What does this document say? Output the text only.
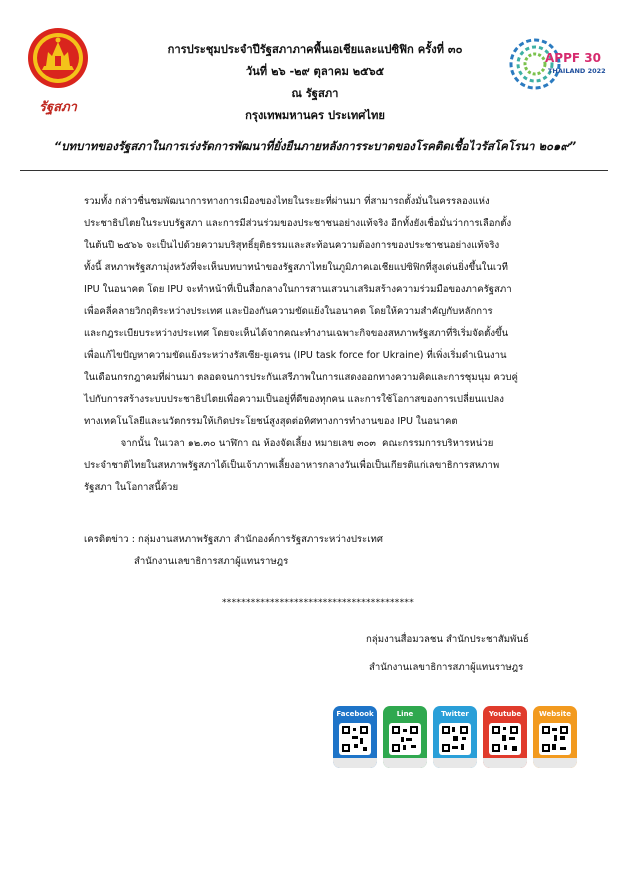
รัฐสภา
APPF 30
THAILAND 2022
การประชุมประจำปีรัฐสภาภาคพื้นเอเชียและแปซิฟิก ครั้งที่ ๓๐
วันที่ ๒๖ -๒๙ ตุลาคม ๒๕๖๕
ณ รัฐสภา
กรุงเทพมหานคร ประเทศไทย
“บทบาทของรัฐสภาในการเร่งรัดการพัฒนาที่ยั่งยืนภายหลังการระบาดของโรคติดเชื้อไวรัสโคโรนา ๒๐๑๙”
รวมทั้ง กล่าวชื่นชมพัฒนาการทางการเมืองของไทยในระยะที่ผ่านมา ที่สามารถตั้งมั่นในครรลองแห่ง
ประชาธิปไตยในระบบรัฐสภา และการมีส่วนร่วมของประชาชนอย่างแท้จริง อีกทั้งยังเชื่อมั่นว่าการเลือกตั้ง
ในต้นปี ๒๕๖๖ จะเป็นไปด้วยความบริสุทธิ์ยุติธรรมและสะท้อนความต้องการของประชาชนอย่างแท้จริง
ทั้งนี้ สหภาพรัฐสภามุ่งหวังที่จะเห็นบทบาทนำของรัฐสภาไทยในภูมิภาคเอเชียแปซิฟิกที่สูงเด่นยิ่งขึ้นในเวที
IPU ในอนาคต โดย IPU จะทำหน้าที่เป็นสื่อกลางในการสานเสวนาเสริมสร้างความร่วมมือของภาครัฐสภา
เพื่อคลี่คลายวิกฤติระหว่างประเทศ และป้องกันความขัดแย้งในอนาคต โดยให้ความสำคัญกับหลักการ
และกฎระเบียบระหว่างประเทศ โดยจะเห็นได้จากคณะทำงานเฉพาะกิจของสหภาพรัฐสภาที่ริเริ่มจัดตั้งขึ้น
เพื่อแก้ไขปัญหาความขัดแย้งระหว่างรัสเซีย-ยูเครน (IPU task force for Ukraine) ที่เพิ่งเริ่มดำเนินงาน
ในเดือนกรกฎาคมที่ผ่านมา ตลอดจนการประกันเสรีภาพในการแสดงออกทางความคิดและการชุมนุม ควบคู่
ไปกับการสร้างระบบประชาธิปไตยเพื่อความเป็นอยู่ที่ดีของทุกคน และการใช้โอกาสของการเปลี่ยนแปลง
ทางเทคโนโลยีและนวัตกรรมให้เกิดประโยชน์สูงสุดต่อทิศทางการทำงานของ IPU ในอนาคต
จากนั้น ในเวลา ๑๒.๓๐ นาฬิกา ณ ห้องจัดเลี้ยง หมายเลข ๓๐๓  คณะกรรมการบริหารหน่วย
ประจำชาติไทยในสหภาพรัฐสภาได้เป็นเจ้าภาพเลี้ยงอาหารกลางวันเพื่อเป็นเกียรติแก่เลขาธิการสหภาพ
รัฐสภา ในโอกาสนี้ด้วย
เครดิตข่าว : กลุ่มงานสหภาพรัฐสภา สำนักองค์การรัฐสภาระหว่างประเทศ
สำนักงานเลขาธิการสภาผู้แทนราษฎร
****************************************
กลุ่มงานสื่อมวลชน สำนักประชาสัมพันธ์
สำนักงานเลขาธิการสภาผู้แทนราษฎร
Facebook	Line	Twitter	Youtube	Website
